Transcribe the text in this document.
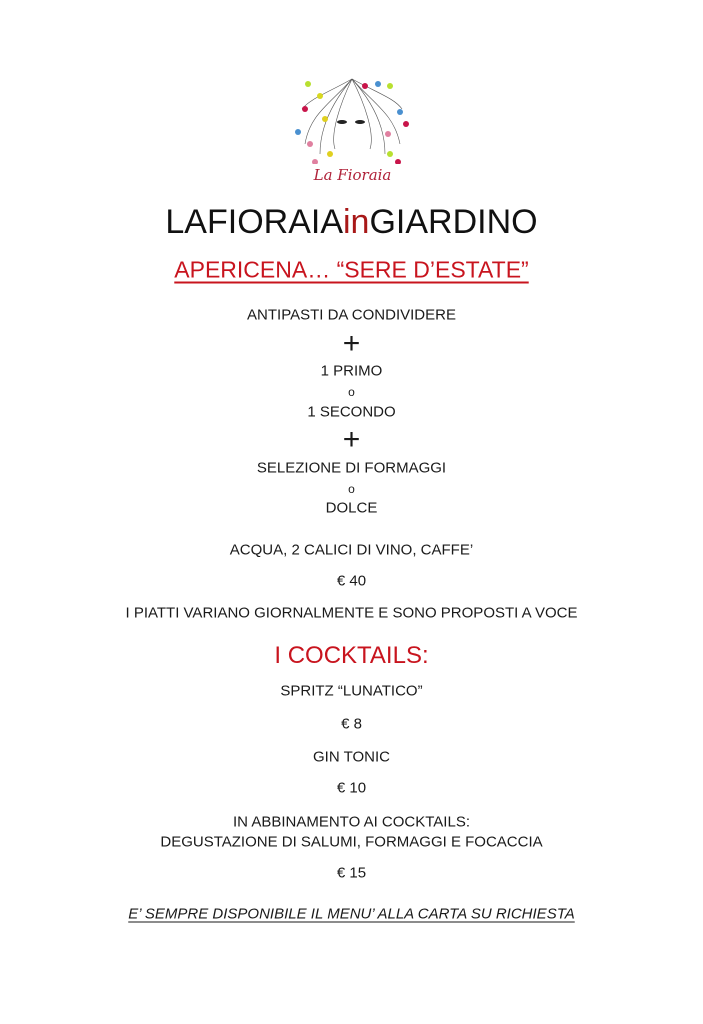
La Fioraia
LAFIORAIAinGIARDINO
APERICENA… “SERE D’ESTATE”
ANTIPASTI DA CONDIVIDERE
+
1 PRIMO
o
1 SECONDO
+
SELEZIONE DI FORMAGGI
o
DOLCE
ACQUA, 2 CALICI DI VINO, CAFFE’
€ 40
I PIATTI VARIANO GIORNALMENTE E SONO PROPOSTI A VOCE
I COCKTAILS:
SPRITZ “LUNATICO”
€ 8
GIN TONIC
€ 10
IN ABBINAMENTO AI COCKTAILS:
DEGUSTAZIONE DI SALUMI, FORMAGGI E FOCACCIA
€ 15
E’ SEMPRE DISPONIBILE IL MENU’ ALLA CARTA SU RICHIESTA
